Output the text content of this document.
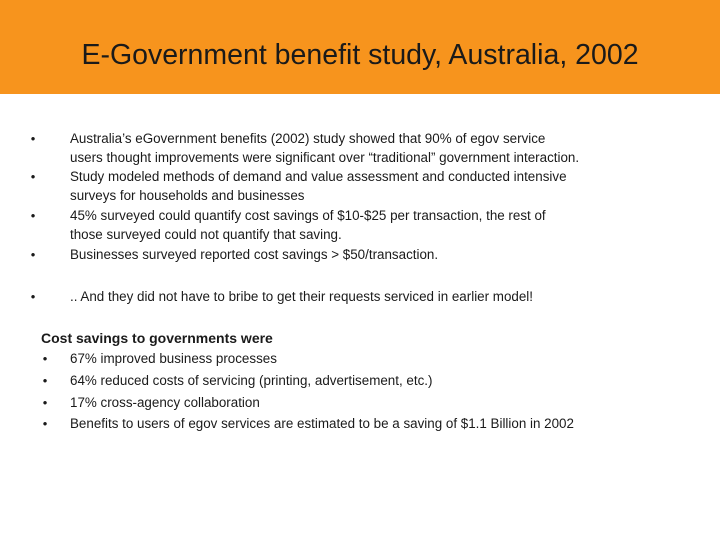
E-Government benefit study, Australia, 2002
•	Australia’s eGovernment benefits (2002) study showed that 90% of egov service
users thought improvements were significant over “traditional” government interaction.
•	Study modeled methods of demand and value assessment and conducted intensive
surveys for households and businesses
•	45% surveyed could quantify cost savings of $10-$25 per transaction, the rest of
those surveyed could not quantify that saving.
•	Businesses surveyed reported cost savings > $50/transaction.
•	.. And they did not have to bribe to get their requests serviced in earlier model!
Cost savings to governments were
• 67% improved business processes
• 64% reduced costs of servicing (printing, advertisement, etc.)
• 17% cross-agency collaboration
• Benefits to users of egov services are estimated to be a saving of $1.1 Billion in 2002
